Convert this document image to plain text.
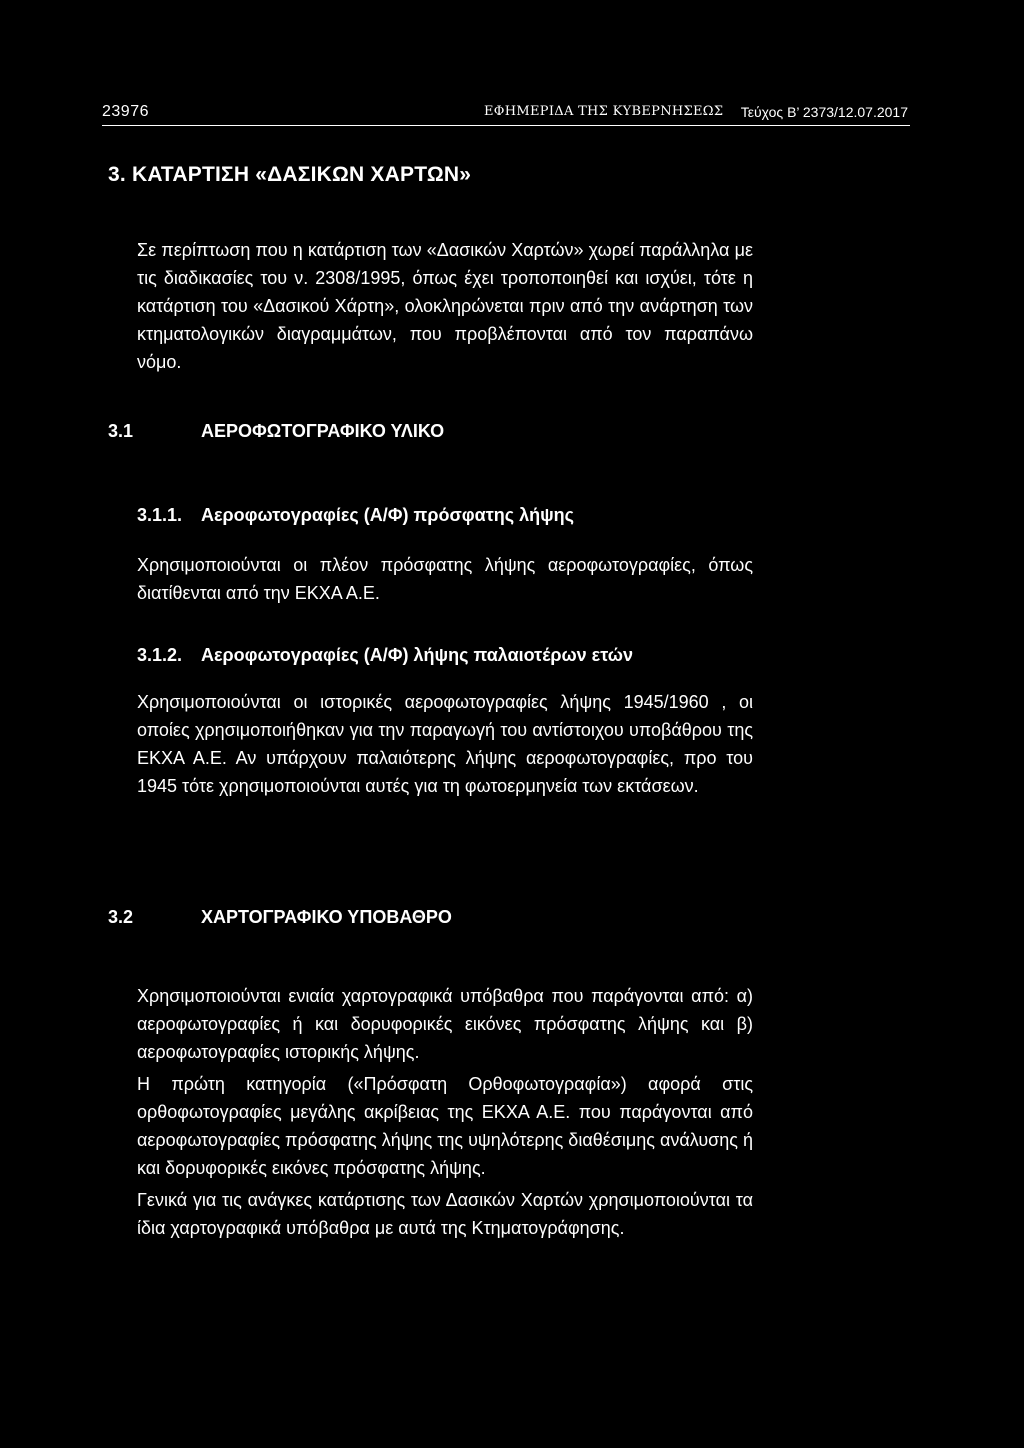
23976	ΕΦΗΜΕΡΙΔΑ ΤΗΣ ΚΥΒΕΡΝΗΣΕΩΣ Τεύχος Β’ 2373/12.07.2017
3. ΚΑΤΑΡΤΙΣΗ «ΔΑΣΙΚΩΝ ΧΑΡΤΩΝ»

Σε περίπτωση που η κατάρτιση των «Δασικών Χαρτών» χωρεί παράλληλα με τις διαδικασίες του ν. 2308/1995, όπως έχει τροποποιηθεί και ισχύει, τότε η κατάρτιση του «Δασικού Χάρτη», ολοκληρώνεται πριν από την ανάρτηση των κτηματολογικών διαγραμμάτων, που προβλέπονται από τον παραπάνω νόμο.

3.1	ΑΕΡΟΦΩΤΟΓΡΑΦΙΚΟ ΥΛΙΚΟ
3.1.1. Αεροφωτογραφίες (Α/Φ) πρόσφατης λήψης

Χρησιμοποιούνται οι πλέον πρόσφατης λήψης αεροφωτογραφίες, όπως διατίθενται από την ΕΚΧΑ Α.Ε.

3.1.2. Αεροφωτογραφίες (Α/Φ) λήψης παλαιοτέρων ετών

Χρησιμοποιούνται οι ιστορικές αεροφωτογραφίες λήψης 1945/1960 , οι οποίες χρησιμοποιήθηκαν για την παραγωγή του αντίστοιχου υποβάθρου της ΕΚΧΑ Α.Ε. Αν υπάρχουν παλαιότερης λήψης αεροφωτογραφίες, προ του 1945 τότε χρησιμοποιούνται αυτές για τη φωτοερμηνεία των εκτάσεων.

3.2	ΧΑΡΤΟΓΡΑΦΙΚΟ ΥΠΟΒΑΘΡΟ

Χρησιμοποιούνται ενιαία χαρτογραφικά υπόβαθρα που παράγονται από: α) αεροφωτογραφίες ή και δορυφορικές εικόνες πρόσφατης λήψης και β) αεροφωτογραφίες ιστορικής λήψης.

Η πρώτη κατηγορία («Πρόσφατη Ορθοφωτογραφία») αφορά στις ορθοφωτογραφίες μεγάλης ακρίβειας της ΕΚΧΑ Α.Ε. που παράγονται από αεροφωτογραφίες πρόσφατης λήψης της υψηλότερης διαθέσιμης ανάλυσης ή και δορυφορικές εικόνες πρόσφατης λήψης.

Γενικά για τις ανάγκες κατάρτισης των Δασικών Χαρτών χρησιμοποιούνται τα ίδια χαρτογραφικά υπόβαθρα με αυτά της Κτηματογράφησης.
